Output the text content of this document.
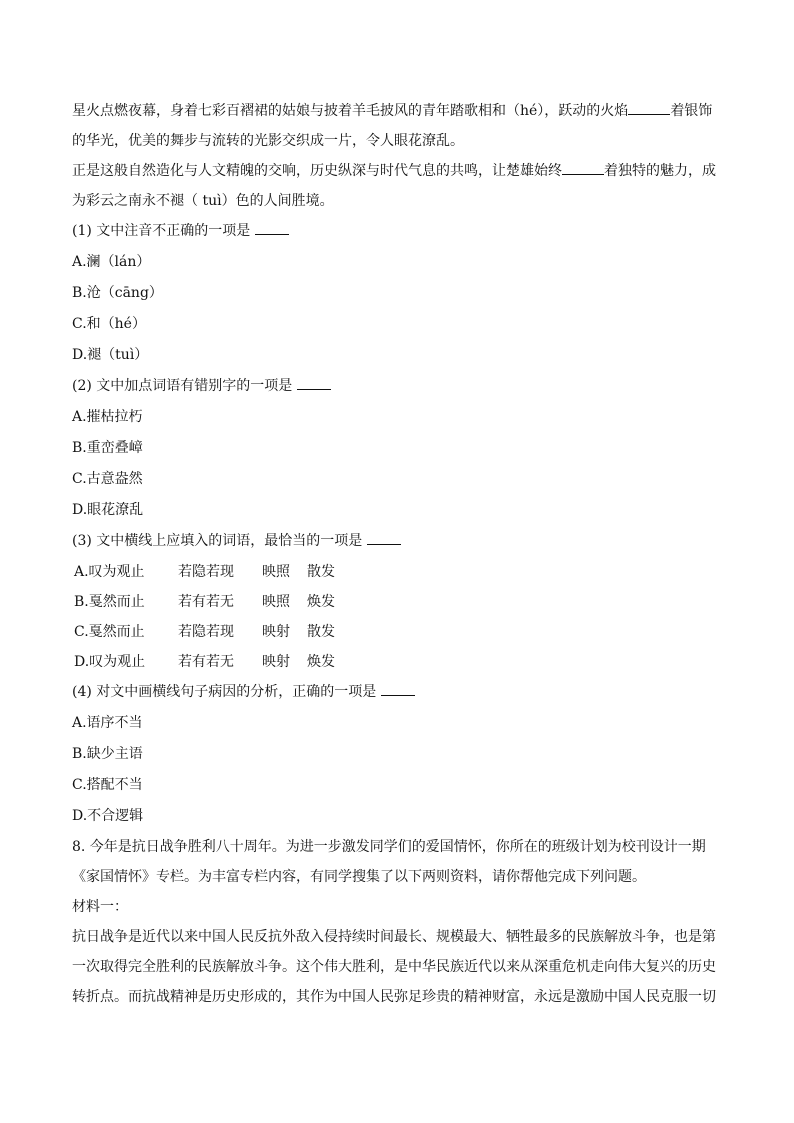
星火点燃夜幕，身着七彩百褶裙的姑娘与披着羊毛披风的青年踏歌相和（hé），跃动的火焰	着银饰的华光，优美的舞步与流转的光影交织成一片，令人眼花潦乱。

正是这般自然造化与人文精魄的交响，历史纵深与时代气息的共鸣，让楚雄始终	着独特的魅力，成为彩云之南永不褪（ tuì）色的人间胜境。

(1) 文中注音不正确的一项是
A.澜（lán）
B.沧（cāng）
C.和（hé）
D.褪（tuì）
(2) 文中加点词语有错别字的一项是
A.摧枯拉朽
B.重峦叠嶂
C.古意盎然
D.眼花潦乱
(3) 文中横线上应填入的词语，最恰当的一项是
A.叹为观止 若隐若现 映照 散发
B.戛然而止 若有若无 映照 焕发
C.戛然而止 若隐若现 映射 散发
D.叹为观止 若有若无 映射 焕发
(4) 对文中画横线句子病因的分析，正确的一项是
A.语序不当
B.缺少主语
C.搭配不当
D.不合逻辑

8. 今年是抗日战争胜利八十周年。为进一步激发同学们的爱国情怀，你所在的班级计划为校刊设计一期《家国情怀》专栏。为丰富专栏内容，有同学搜集了以下两则资料，请你帮他完成下列问题。

材料一：

抗日战争是近代以来中国人民反抗外敌入侵持续时间最长、规模最大、牺牲最多的民族解放斗争，也是第一次取得完全胜利的民族解放斗争。这个伟大胜利，是中华民族近代以来从深重危机走向伟大复兴的历史转折点。而抗战精神是历史形成的，其作为中国人民弥足珍贵的精神财富，永远是激励中国人民克服一切
